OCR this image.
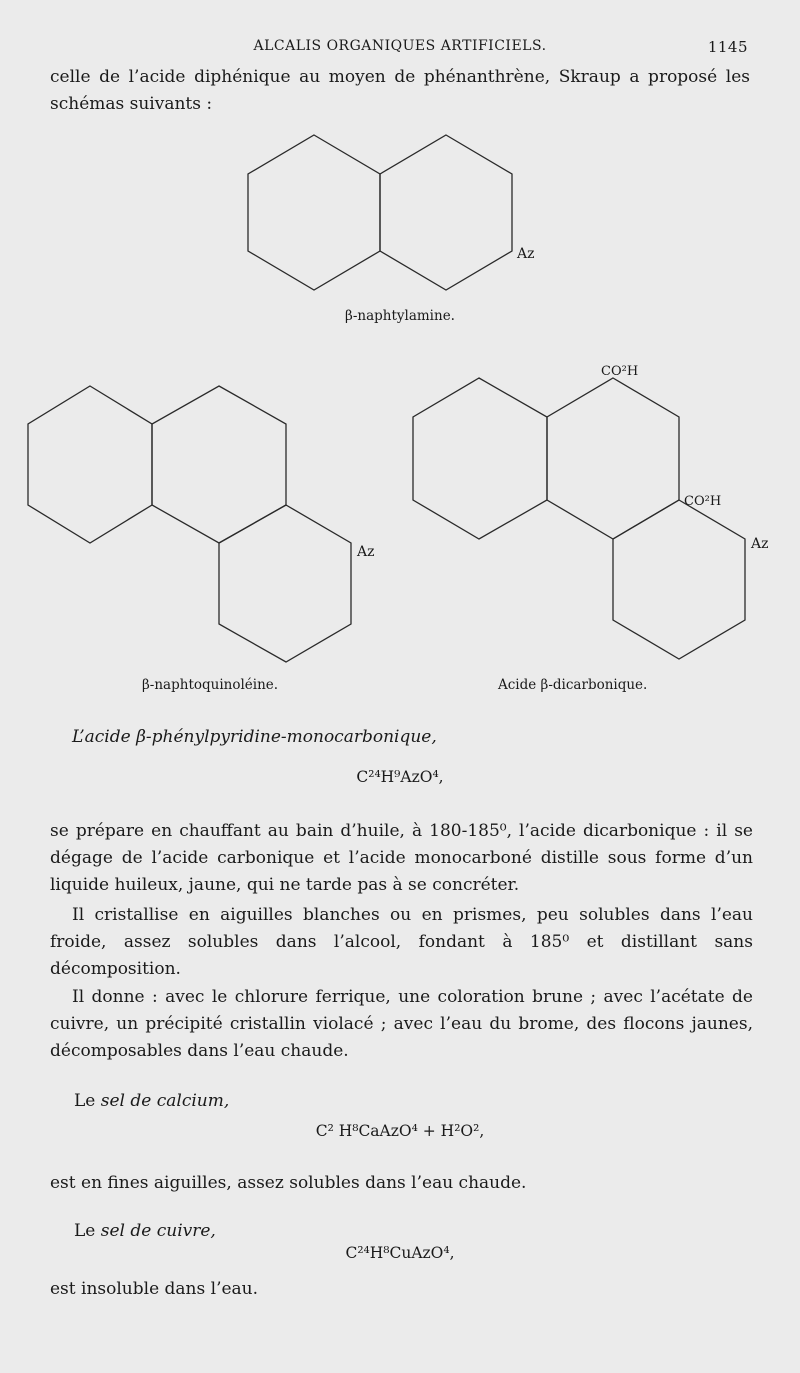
ALCALIS ORGANIQUES ARTIFICIELS.	1145
celle de l’acide diphénique au moyen de phénanthrène, Skraup a proposé les schémas suivants :
Az
Az
CO²H
CO²H
Az
β-naphtylamine.
β-naphtoquinoléine.	Acide β-dicarbonique.
L’acide β-phénylpyridine-monocarbonique,
C²⁴H⁹AzO⁴,
se prépare en chauffant au bain d’huile, à 180-185⁰, l’acide dicarbonique : il se dégage de l’acide carbonique et l’acide monocarboné distille sous forme d’un liquide huileux, jaune, qui ne tarde pas à se concréter.
Il cristallise en aiguilles blanches ou en prismes, peu solubles dans l’eau froide, assez solubles dans l’alcool, fondant à 185⁰ et distillant sans décomposition.
Il donne : avec le chlorure ferrique, une coloration brune ; avec l’acétate de cuivre, un précipité cristallin violacé ; avec l’eau du brome, des flocons jaunes, décomposables dans l’eau chaude.
Le sel de calcium,
C² H⁸CaAzO⁴ + H²O²,
est en fines aiguilles, assez solubles dans l’eau chaude.
Le sel de cuivre,
C²⁴H⁸CuAzO⁴,
est insoluble dans l’eau.
